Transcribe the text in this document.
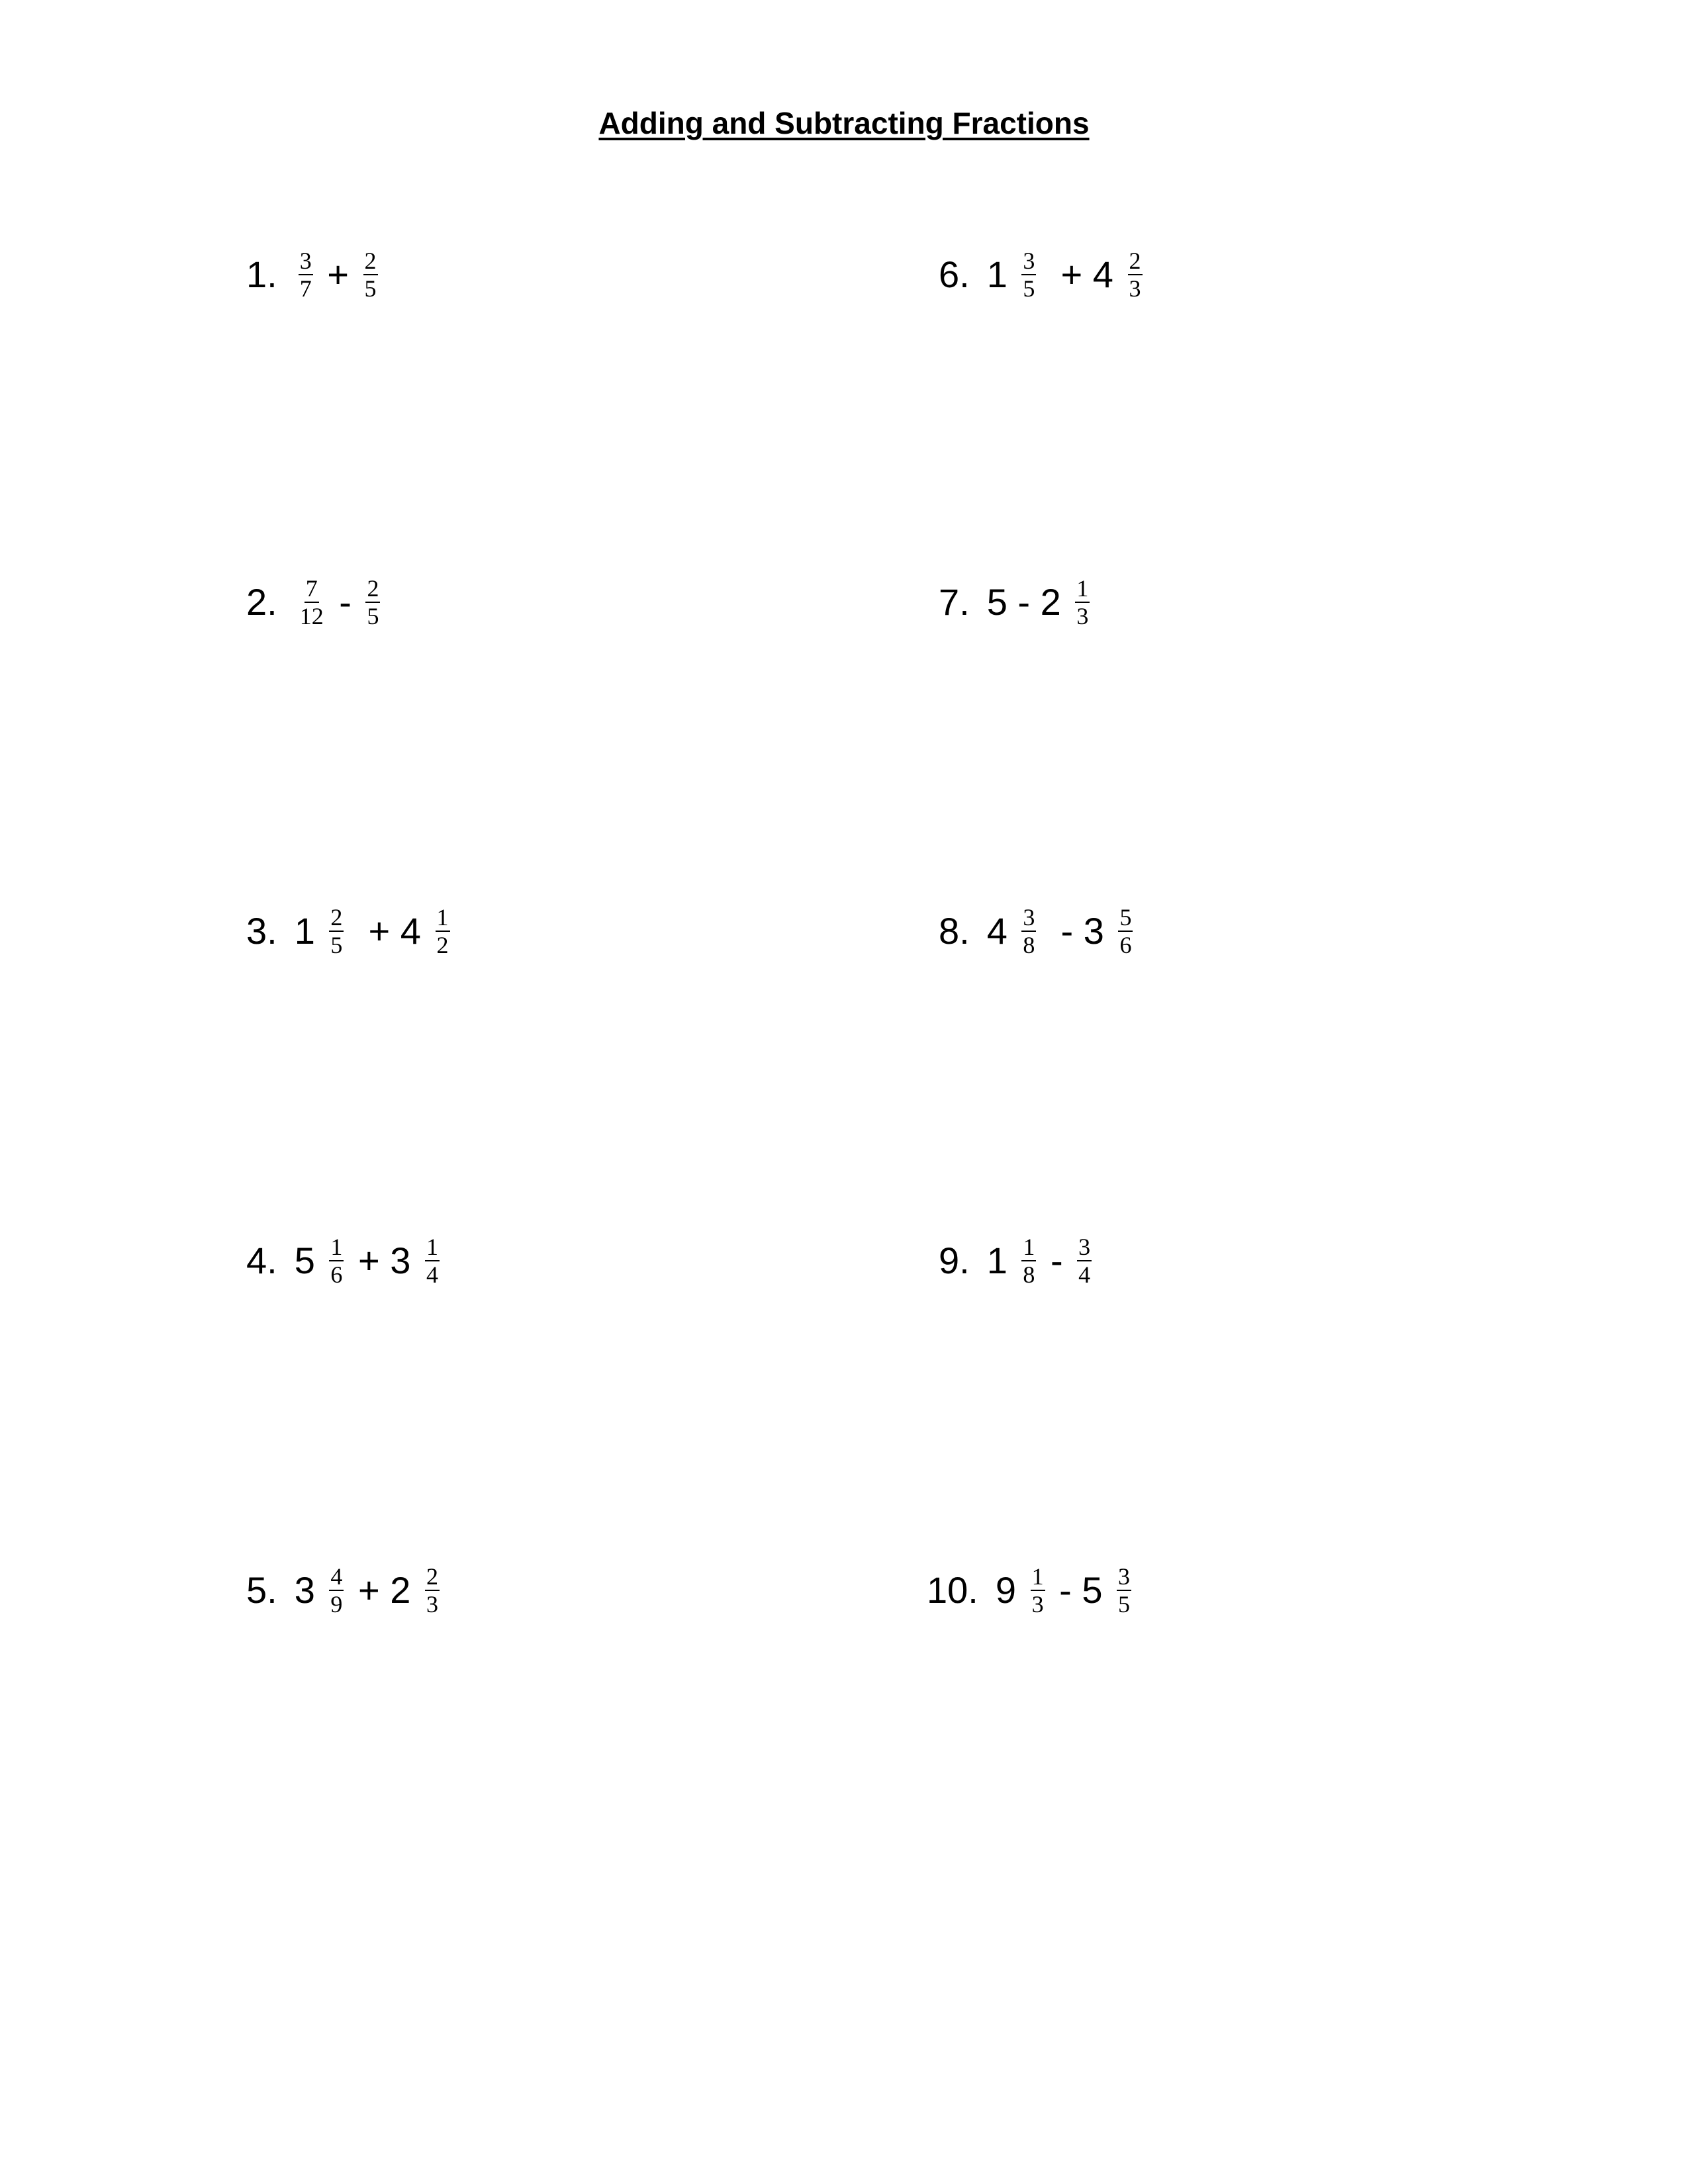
Adding and Subtracting Fractions
1. $\frac{3}{7} + \frac{2}{5}$
2. $\frac{7}{12} - \frac{2}{5}$
3. $1 \frac{2}{5} + 4 \frac{1}{2}$
4. $5 \frac{1}{6} + 3 \frac{1}{4}$
5. $3 \frac{4}{9} + 2 \frac{2}{3}$
6. $1 \frac{3}{5} + 4 \frac{2}{3}$
7. $5 - 2 \frac{1}{3}$
8. $4 \frac{3}{8} - 3 \frac{5}{6}$
9. $1 \frac{1}{8} - \frac{3}{4}$
10. $9 \frac{1}{3} - 5 \frac{3}{5}$
